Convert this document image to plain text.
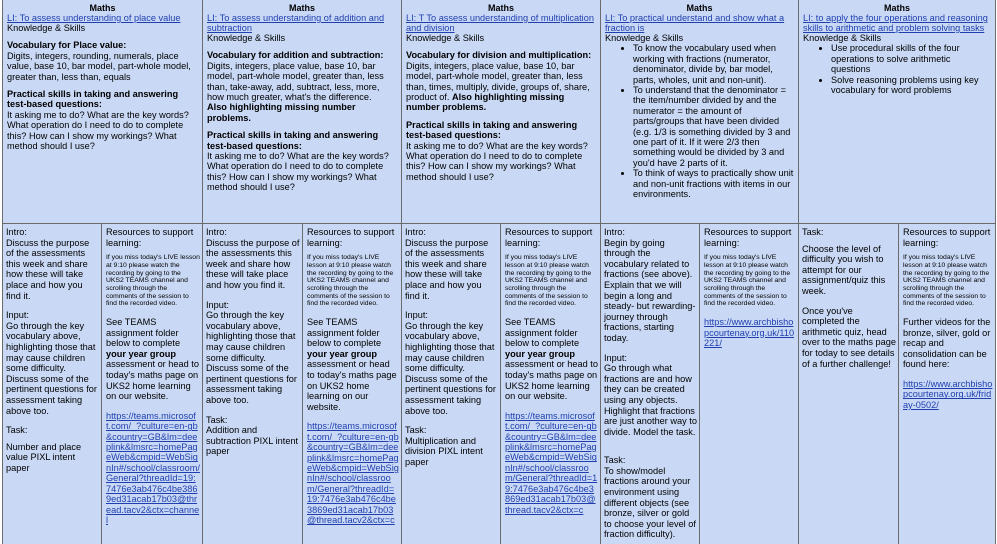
Maths
LI: To assess understanding of place value
Knowledge & Skills
Vocabulary for Place value:
Digits, integers, rounding, numerals, place value, base 10, bar model, part-whole model, greater than, less than, equals
Practical skills in taking and answering test-based questions:
It asking me to do? What are the key words? What operation do I need to do to complete this? How can I show my workings? What method should I use?
Intro:
Discuss the purpose of the assessments this week and share how these will take place and how you find it.
Input:
Go through the key vocabulary above, highlighting those that may cause children some difficulty.
Discuss some of the pertinent questions for assessment taking above too.
Task:
Number and place value PIXL intent paper
Resources to support learning:
If you miss today's LIVE lesson at 9:10 please watch the recording by going to the UKS2 TEAMS channel and scrolling through the comments of the session to find the recorded video.
See TEAMS assignment folder below to complete your year group assessment or head to today's maths page on UKS2 home learning on our website.
https://teams.microsoft.com/_?culture=en-gb&country=GB&lm=deeplink&lmsrc=homePageWeb&cmpid=WebSignIn#/school/classroom/General?threadId=19:7476e3ab476c4be3869ed31acab17b03@thread.tacv2&ctx=channel
Maths
LI: To assess understanding of addition and subtraction
Knowledge & Skills
Vocabulary for addition and subtraction:
Digits, integers, place value, base 10, bar model, part-whole model, greater than, less than, take-away, add, subtract, less, more, how much greater, what's the difference.
Also highlighting missing number problems.
Practical skills in taking and answering test-based questions:
It asking me to do? What are the key words? What operation do I need to do to complete this? How can I show my workings? What method should I use?
Intro:
Discuss the purpose of the assessments this week and share how these will take place and how you find it.
Input:
Go through the key vocabulary above, highlighting those that may cause children some difficulty.
Discuss some of the pertinent questions for assessment taking above too.
Task:
Addition and subtraction PIXL intent paper
Resources to support learning:
If you miss today's LIVE lesson at 9:10 please watch the recording by going to the UKS2 TEAMS channel and scrolling through the comments of the session to find the recorded video.
See TEAMS assignment folder below to complete your year group assessment or head to today's maths page on UKS2 home learning on our website.
https://teams.microsoft.com/_?culture=en-gb&country=GB&lm=deeplink&lmsrc=homePageWeb&cmpid=WebSignIn#/school/classroom/General?threadId=19:7476e3ab476c4be3869ed31acab17b03@thread.tacv2&ctx=c
Maths
LI: T To assess understanding of multiplication and division
Knowledge & Skills
Vocabulary for division and multiplication:
Digits, integers, place value, base 10, bar model, part-whole model, greater than, less than, times, multiply, divide, groups of, share, product of. Also highlighting missing number problems.
Practical skills in taking and answering test-based questions:
It asking me to do? What are the key words? What operation do I need to do to complete this? How can I show my workings? What method should I use?
Intro:
Discuss the purpose of the assessments this week and share how these will take place and how you find it.
Input:
Go through the key vocabulary above, highlighting those that may cause children some difficulty.
Discuss some of the pertinent questions for assessment taking above too.
Task:
Multiplication and division PIXL intent paper
Resources to support learning:
If you miss today's LIVE lesson at 9:10 please watch the recording by going to the UKS2 TEAMS channel and scrolling through the comments of the session to find the recorded video.
See TEAMS assignment folder below to complete your year group assessment or head to today's maths page on UKS2 home learning on our website.
https://teams.microsoft.com/_?culture=en-gb&country=GB&lm=deeplink&lmsrc=homePageWeb&cmpid=WebSignIn#/school/classroom/General?threadId=19:7476e3ab476c4be3869ed31acab17b03@thread.tacv2&ctx=c
Maths
LI: To practical understand and show what a fraction is
Knowledge & Skills
• To know the vocabulary used when working with fractions (numerator, denominator, divide by, bar model, parts, wholes, unit and non-unit).
• To understand that the denominator = the item/number divided by and the numerator = the amount of parts/groups that have been divided (e.g. 1/3 is something divided by 3 and one part of it. If it were 2/3 then something would be divided by 3 and you'd have 2 parts of it.
• To think of ways to practically show unit and non-unit fractions with items in our environments.
Intro:
Begin by going through the vocabulary related to fractions (see above). Explain that we will begin a long and steady- but rewarding- journey through fractions, starting today.
Input:
Go through what fractions are and how they can be created using any objects. Highlight that fractions are just another way to divide. Model the task.
Task:
To show/model fractions around your environment using different objects (see bronze, silver or gold to choose your level of fraction difficulty).
Resources to support learning:
If you miss today's LIVE lesson at 9:10 please watch the recording by going to the UKS2 TEAMS channel and scrolling through the comments of the session to find the recorded video.
https://www.archbishopcourtenay.org.uk/110221/
Maths
LI: to apply the four operations and reasoning skills to arithmetic and problem solving tasks
Knowledge & Skills
• Use procedural skills of the four operations to solve arithmetic questions
• Solve reasoning problems using key vocabulary for word problems
Task:
Choose the level of difficulty you wish to attempt for our assignment/quiz this week.
Once you've completed the arithmetic quiz, head over to the maths page for today to see details of a further challenge!
Resources to support learning:
If you miss today's LIVE lesson at 9:10 please watch the recording by going to the UKS2 TEAMS channel and scrolling through the comments of the session to find the recorded video.
Further videos for the bronze, silver, gold or recap and consolidation can be found here:
https://www.archbishopcourtenay.org.uk/friday-0502/
